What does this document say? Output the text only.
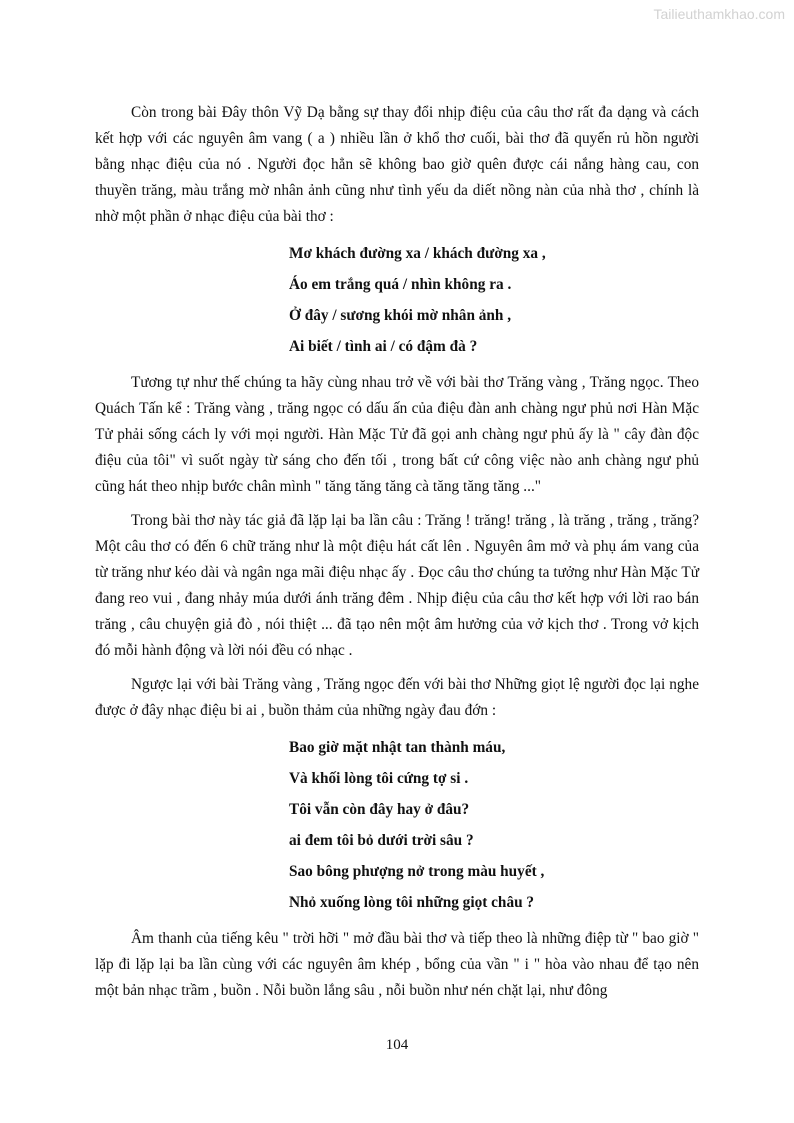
Tailieuthamkhao.com

Còn trong bài Đây thôn Vỹ Dạ bằng sự thay đổi nhịp điệu của câu thơ rất đa dạng và cách kết hợp với các nguyên âm vang ( a ) nhiều lần ở khổ thơ cuối, bài thơ đã quyến rủ hồn người bằng nhạc điệu của nó . Người đọc hẳn sẽ không bao giờ quên được cái nắng hàng cau, con thuyền trăng, màu trắng mờ nhân ảnh cũng như tình yếu da diết nồng nàn của nhà thơ , chính là nhờ một phần ở nhạc điệu của bài thơ :

Mơ khách đường xa / khách đường xa ,
Áo em trắng quá / nhìn không ra .
Ở đây / sương khói mờ nhân ảnh ,
Ai biết / tình ai / có đậm đà ?

Tương tự như thế chúng ta hãy cùng nhau trở về với bài thơ Trăng vàng , Trăng ngọc. Theo Quách Tấn kể : Trăng vàng , trăng ngọc có dấu ấn của điệu đàn anh chàng ngư phủ nơi Hàn Mặc Tử phải sống cách ly với mọi người. Hàn Mặc Tử đã gọi anh chàng ngư phủ ấy là " cây đàn độc điệu của tôi" vì suốt ngày từ sáng cho đến tối , trong bất cứ công việc nào anh chàng ngư phủ cũng hát theo nhịp bước chân mình " tăng tăng tăng cà tăng tăng tăng ..."

Trong bài thơ này tác giả đã lặp lại ba lần câu : Trăng ! trăng! trăng , là trăng , trăng , trăng? Một câu thơ có đến 6 chữ trăng như là một điệu hát cất lên . Nguyên âm mở và phụ ám vang của từ trăng như kéo dài và ngân nga mãi điệu nhạc ấy . Đọc câu thơ chúng ta tưởng như Hàn Mặc Tử đang reo vui , đang nhảy múa dưới ánh trăng đêm . Nhịp điệu của câu thơ kết hợp với lời rao bán trăng , câu chuyện giả đò , nói thiệt ... đã tạo nên một âm hưởng của vở kịch thơ . Trong vở kịch đó mỗi hành động và lời nói đều có nhạc .

Ngược lại với bài Trăng vàng , Trăng ngọc đến với bài thơ Những giọt lệ người đọc lại nghe được ở đây nhạc điệu bi ai , buồn thảm của những ngày đau đớn :

Bao giờ mặt nhật tan thành máu,
Và khối lòng tôi cứng tợ si .
Tôi vẫn còn đây hay ở đâu?
ai đem tôi bỏ dưới trời sâu ?
Sao bông phượng nở trong màu huyết ,
Nhỏ xuống lòng tôi những giọt châu ?

Âm thanh của tiếng kêu " trời hỡi " mở đầu bài thơ và tiếp theo là những điệp từ " bao giờ " lặp đi lặp lại ba lần cùng với các nguyên âm khép , bổng của vần " i " hòa vào nhau để tạo nên một bản nhạc trầm , buồn . Nỗi buồn lắng sâu , nỗi buồn như nén chặt lại, như đông

104
